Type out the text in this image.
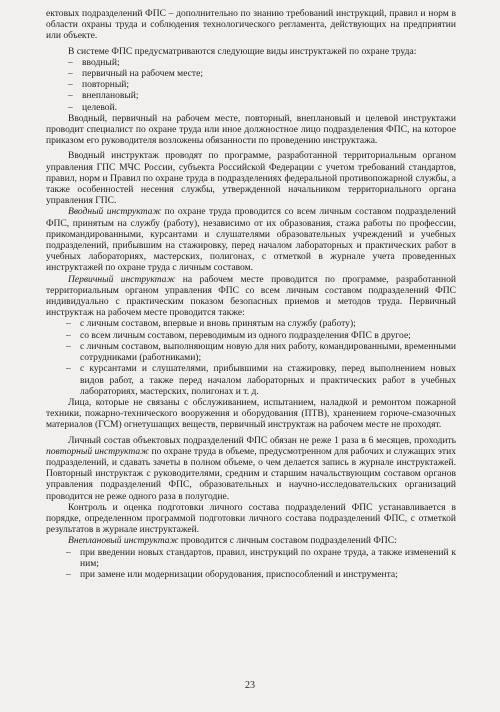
ектовых подразделений ФПС – дополнительно по знанию требований инструкций, правил и норм в области охраны труда и соблюдения технологического регламента, действующих на предприятии или объекте.

В системе ФПС предусматриваются следующие виды инструктажей по охране труда:

– вводный;
– первичный на рабочем месте;
– повторный;
– внеплановый;
– целевой.

Вводный, первичный на рабочем месте, повторный, внеплановый и целевой инструктажи проводит специалист по охране труда или иное должностное лицо подразделения ФПС, на которое приказом его руководителя возложены обязанности по проведению инструктажа.

Вводный инструктаж проводят по программе, разработанной территориальным органом управления ГПС МЧС России, субъекта Российской Федерации с учетом требований стандартов, правил, норм и Правил по охране труда в подразделениях федеральной противопожарной службы, а также особенностей несения службы, утвержденной начальником территориального органа управления ГПС.

Вводный инструктаж по охране труда проводится со всем личным составом подразделений ФПС, принятым на службу (работу), независимо от их образования, стажа работы по профессии, прикомандированными, курсантами и слушателями образовательных учреждений и учебных подразделений, прибывшим на стажировку, перед началом лабораторных и практических работ в учебных лабораториях, мастерских, полигонах, с отметкой в журнале учета проведенных инструктажей по охране труда с личным составом.

Первичный инструктаж на рабочем месте проводится по программе, разработанной территориальным органом управления ФПС со всем личным составом подразделений ФПС индивидуально с практическим показом безопасных приемов и методов труда. Первичный инструктаж на рабочем месте проводится также:

– с личным составом, впервые и вновь принятым на службу (работу);
– со всем личным составом, переводимым из одного подразделения ФПС в другое;
– с личным составом, выполняющим новую для них работу, командированными, временными сотрудниками (работниками);
– с курсантами и слушателями, прибывшими на стажировку, перед выполнением новых видов работ, а также перед началом лабораторных и практических работ в учебных лабораториях, мастерских, полигонах и т. д.

Лица, которые не связаны с обслуживанием, испытанием, наладкой и ремонтом пожарной техники, пожарно-технического вооружения и оборудования (ПТВ), хранением горюче-смазочных материалов (ГСМ) огнетушащих веществ, первичный инструктаж на рабочем месте не проходят.

Личный состав объектовых подразделений ФПС обязан не реже 1 раза в 6 месяцев, проходить повторный инструктаж по охране труда в объеме, предусмотренном для рабочих и служащих этих подразделений, и сдавать зачеты в полном объеме, о чем делается запись в журнале инструктажей. Повторный инструктаж с руководителями, средним и старшим начальствующим составом органов управления подразделений ФПС, образовательных и научно-исследовательских организаций проводится не реже одного раза в полугодие.

Контроль и оценка подготовки личного состава подразделений ФПС устанавливается в порядке, определенном программой подготовки личного состава подразделений ФПС, с отметкой результатов в журнале инструктажей.

Внеплановый инструктаж проводится с личным составом подразделений ФПС:

– при введении новых стандартов, правил, инструкций по охране труда, а также изменений к ним;
– при замене или модернизации оборудования, приспособлений и инструмента;
23
